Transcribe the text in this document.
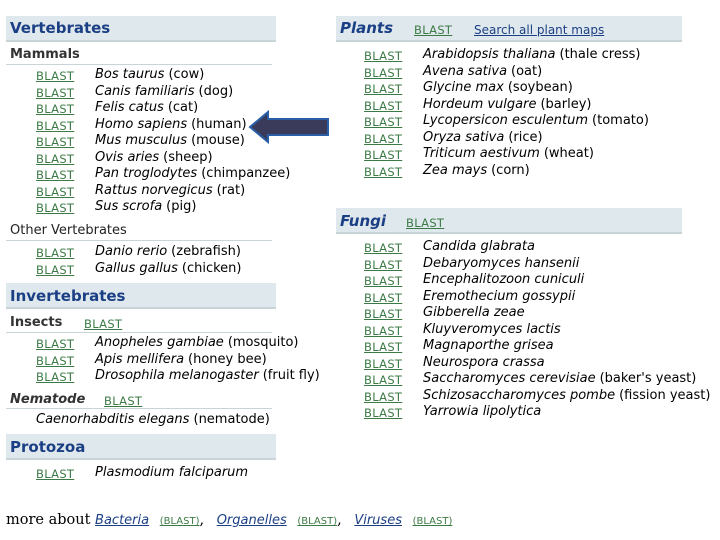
Vertebrates
Mammals
BLAST Bos taurus (cow)
BLAST Canis familiaris (dog)
BLAST Felis catus (cat)
BLAST Homo sapiens (human)
BLAST Mus musculus (mouse)
BLAST Ovis aries (sheep)
BLAST Pan troglodytes (chimpanzee)
BLAST Rattus norvegicus (rat)
BLAST Sus scrofa (pig)
Other Vertebrates
BLAST Danio rerio (zebrafish)
BLAST Gallus gallus (chicken)
Invertebrates
Insects BLAST
BLAST Anopheles gambiae (mosquito)
BLAST Apis mellifera (honey bee)
BLAST Drosophila melanogaster (fruit fly)
Nematode BLAST
Caenorhabditis elegans (nematode)
Protozoa
BLAST Plasmodium falciparum
Plants BLAST Search all plant maps
BLAST Arabidopsis thaliana (thale cress)
BLAST Avena sativa (oat)
BLAST Glycine max (soybean)
BLAST Hordeum vulgare (barley)
BLAST Lycopersicon esculentum (tomato)
BLAST Oryza sativa (rice)
BLAST Triticum aestivum (wheat)
BLAST Zea mays (corn)
Fungi BLAST
BLAST Candida glabrata
BLAST Debaryomyces hansenii
BLAST Encephalitozoon cuniculi
BLAST Eremothecium gossypii
BLAST Gibberella zeae
BLAST Kluyveromyces lactis
BLAST Magnaporthe grisea
BLAST Neurospora crassa
BLAST Saccharomyces cerevisiae (baker's yeast)
BLAST Schizosaccharomyces pombe (fission yeast)
BLAST Yarrowia lipolytica
more about Bacteria (BLAST), Organelles (BLAST), Viruses (BLAST)
